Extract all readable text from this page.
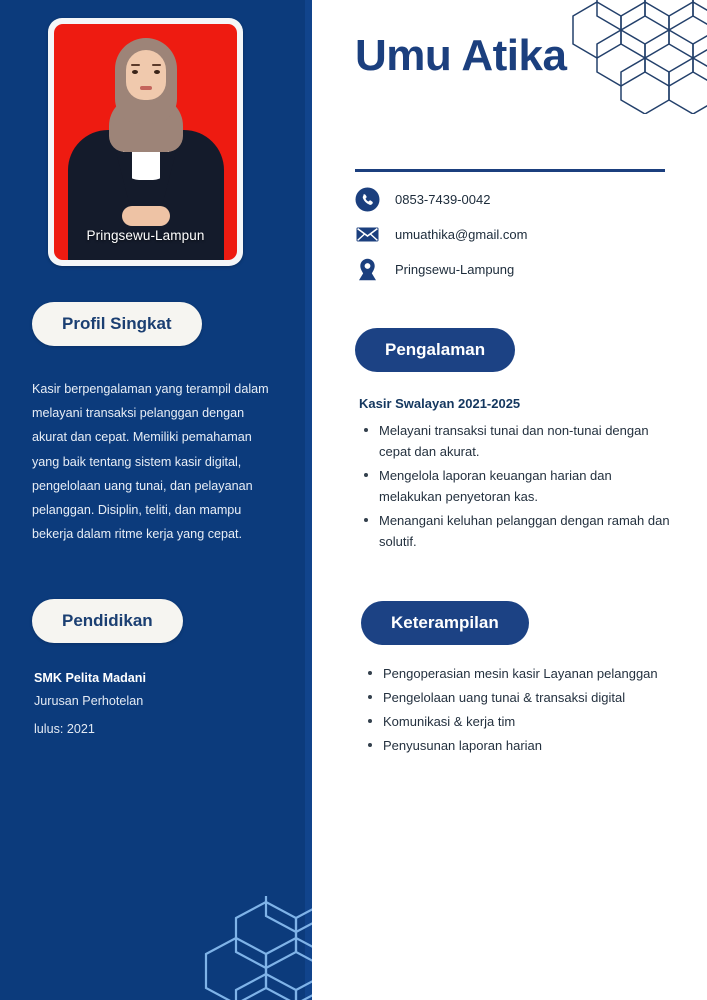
Pringsewu-Lampun
Profil Singkat
Kasir berpengalaman yang terampil dalam melayani transaksi pelanggan dengan akurat dan cepat. Memiliki pemahaman yang baik tentang sistem kasir digital, pengelolaan uang tunai, dan pelayanan pelanggan. Disiplin, teliti, dan mampu bekerja dalam ritme kerja yang cepat.
Pendidikan
SMK Pelita Madani
Jurusan Perhotelan
lulus: 2021
Umu Atika
0853-7439-0042
umuathika@gmail.com
Pringsewu-Lampung
Pengalaman
Kasir Swalayan 2021-2025
Melayani transaksi tunai dan non-tunai dengan cepat dan akurat.
Mengelola laporan keuangan harian dan melakukan penyetoran kas.
Menangani keluhan pelanggan dengan ramah dan solutif.
Keterampilan
Pengoperasian mesin kasir Layanan pelanggan
Pengelolaan uang tunai & transaksi digital
Komunikasi & kerja tim
Penyusunan laporan harian
